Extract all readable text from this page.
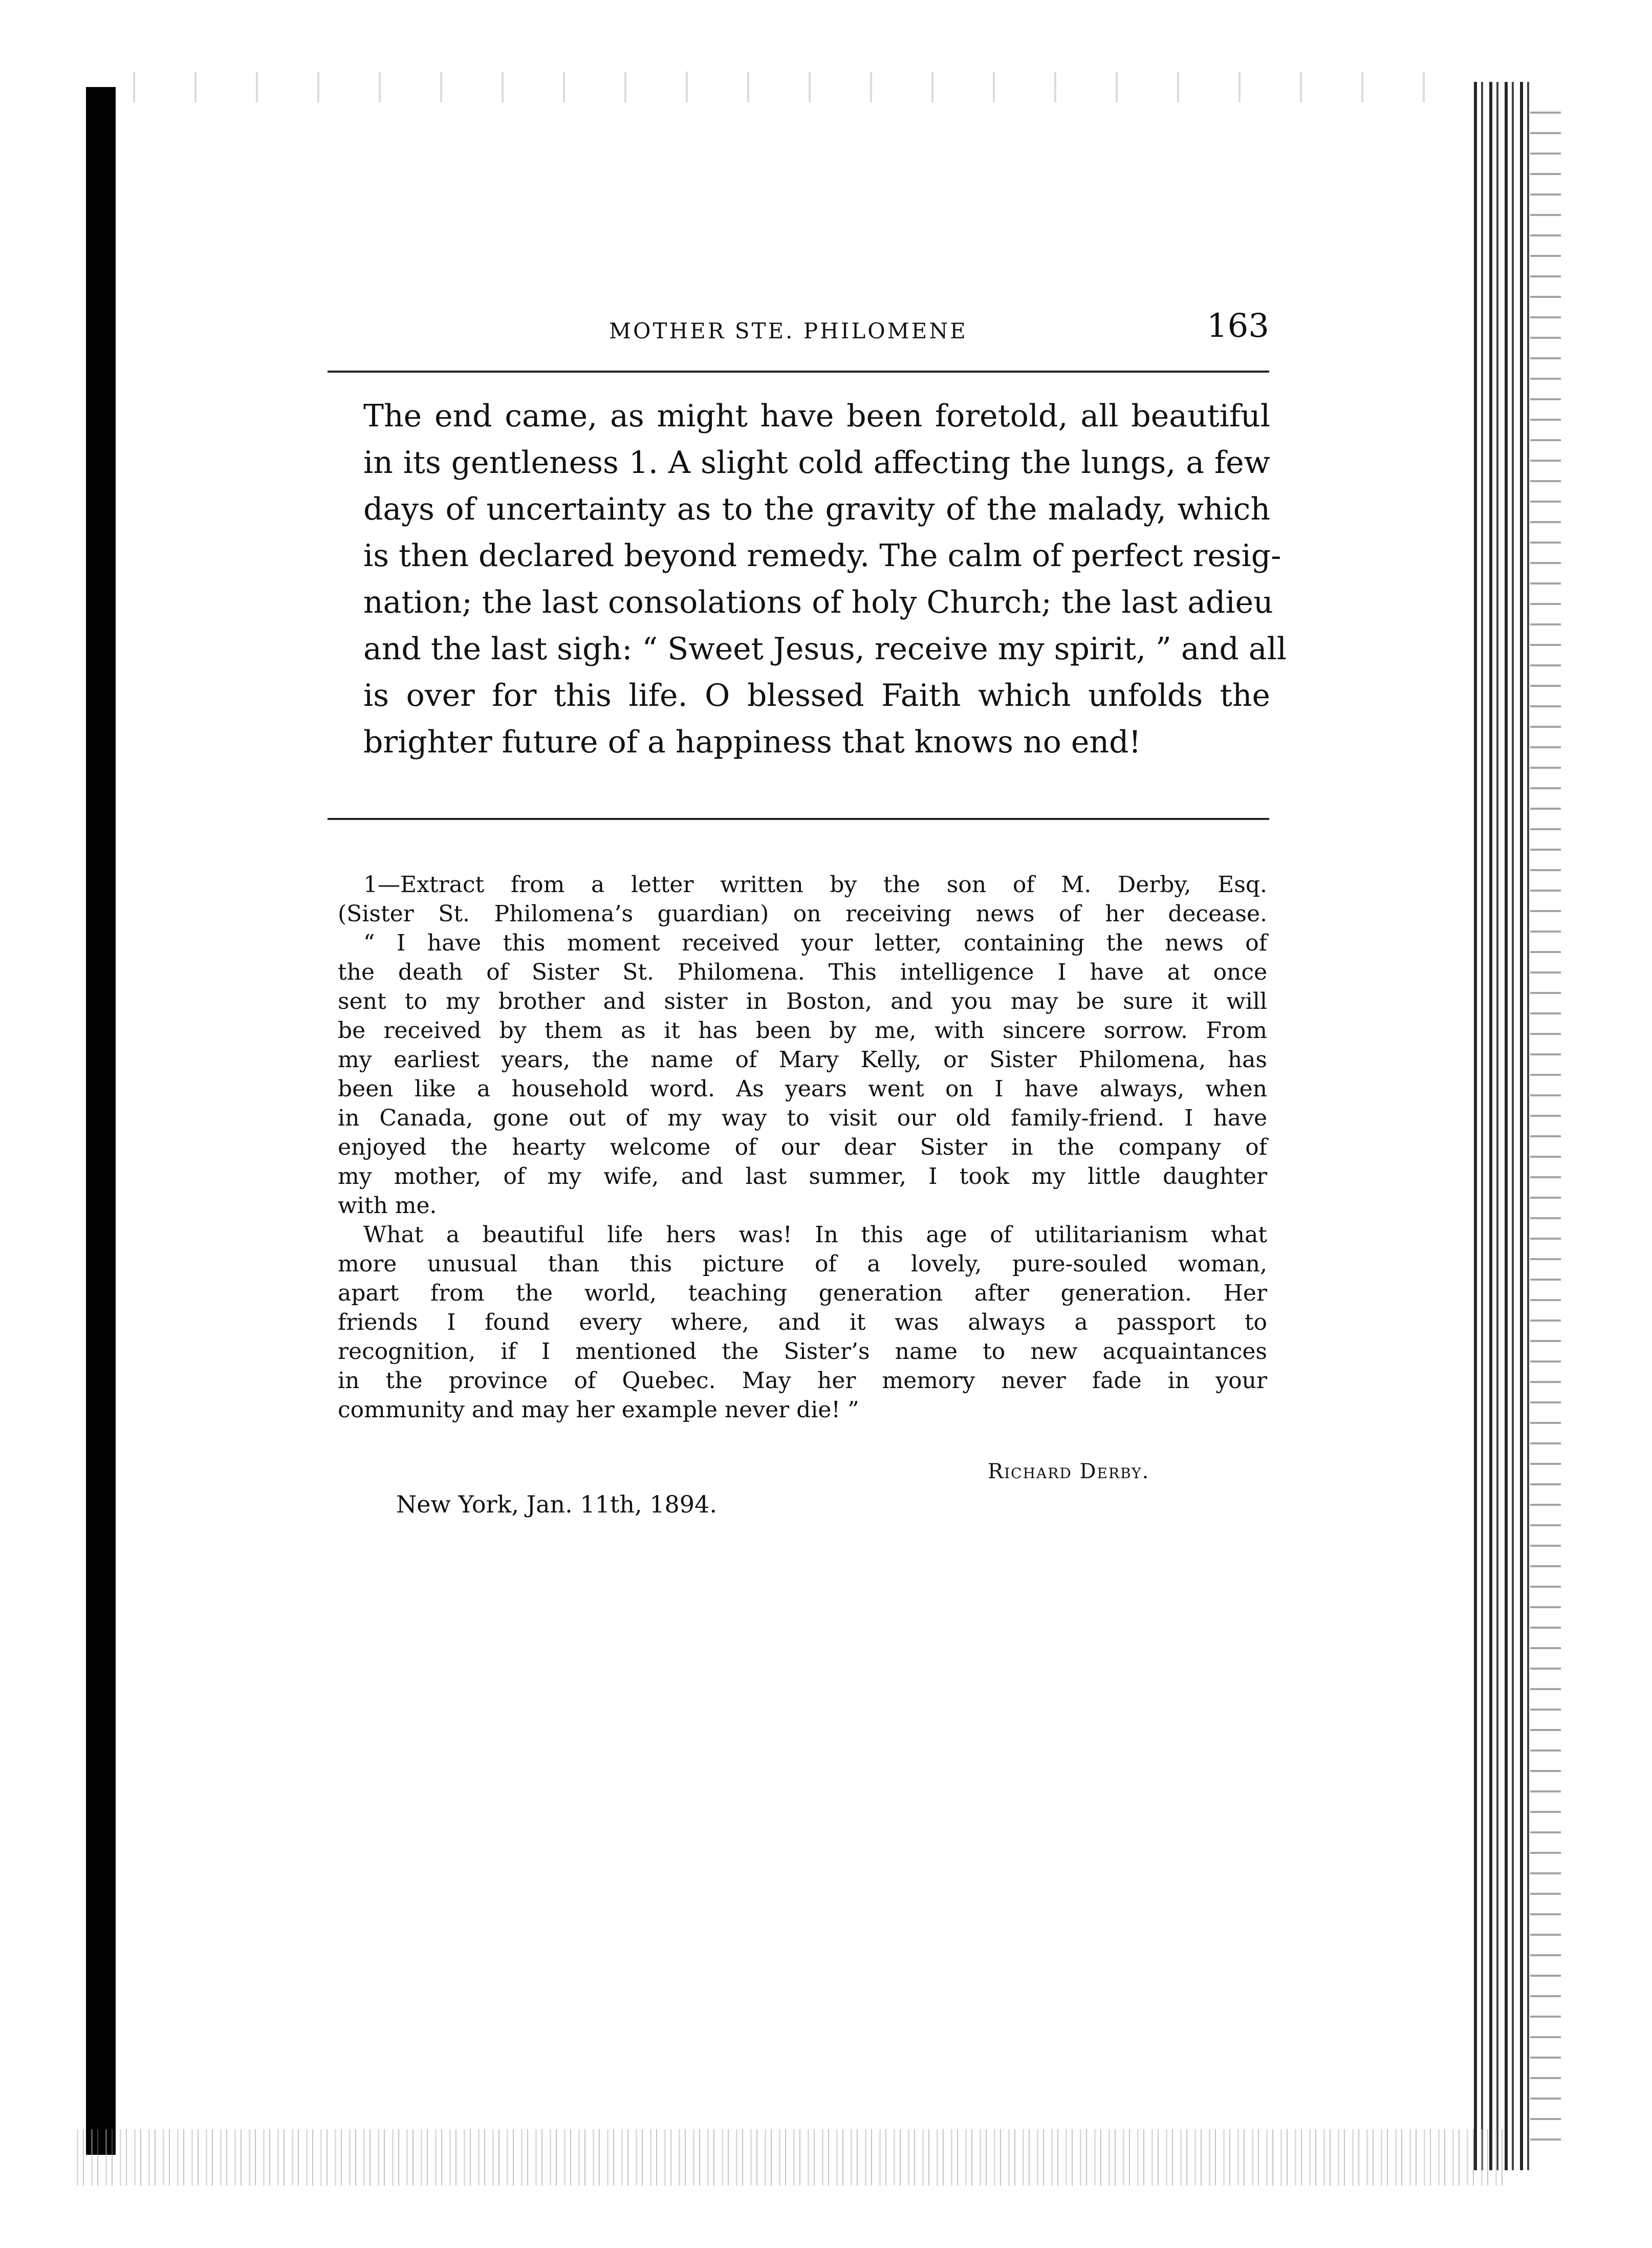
MOTHER STE. PHILOMENE	163
The end came, as might have been foretold, all beautiful
in its gentleness 1. A slight cold affecting the lungs, a few
days of uncertainty as to the gravity of the malady, which
is then declared beyond remedy. The calm of perfect resig-
nation; the last consolations of holy Church; the last adieu
and the last sigh: “ Sweet Jesus, receive my spirit, ” and all
is over for this life. O blessed Faith which unfolds the
brighter future of a happiness that knows no end!
1—Extract from a letter written by the son of M. Derby, Esq.
(Sister St. Philomena’s guardian) on receiving news of her decease.
“ I have this moment received your letter, containing the news of
the death of Sister St. Philomena. This intelligence I have at once
sent to my brother and sister in Boston, and you may be sure it will
be received by them as it has been by me, with sincere sorrow. From
my earliest years, the name of Mary Kelly, or Sister Philomena, has
been like a household word. As years went on I have always, when
in Canada, gone out of my way to visit our old family-friend. I have
enjoyed the hearty welcome of our dear Sister in the company of
my mother, of my wife, and last summer, I took my little daughter
with me.
What a beautiful life hers was! In this age of utilitarianism what
more unusual than this picture of a lovely, pure-souled woman,
apart from the world, teaching generation after generation. Her
friends I found every where, and it was always a passport to
recognition, if I mentioned the Sister’s name to new acquaintances
in the province of Quebec. May her memory never fade in your
community and may her example never die! ”
Richard Derby.
New York, Jan. 11th, 1894.
